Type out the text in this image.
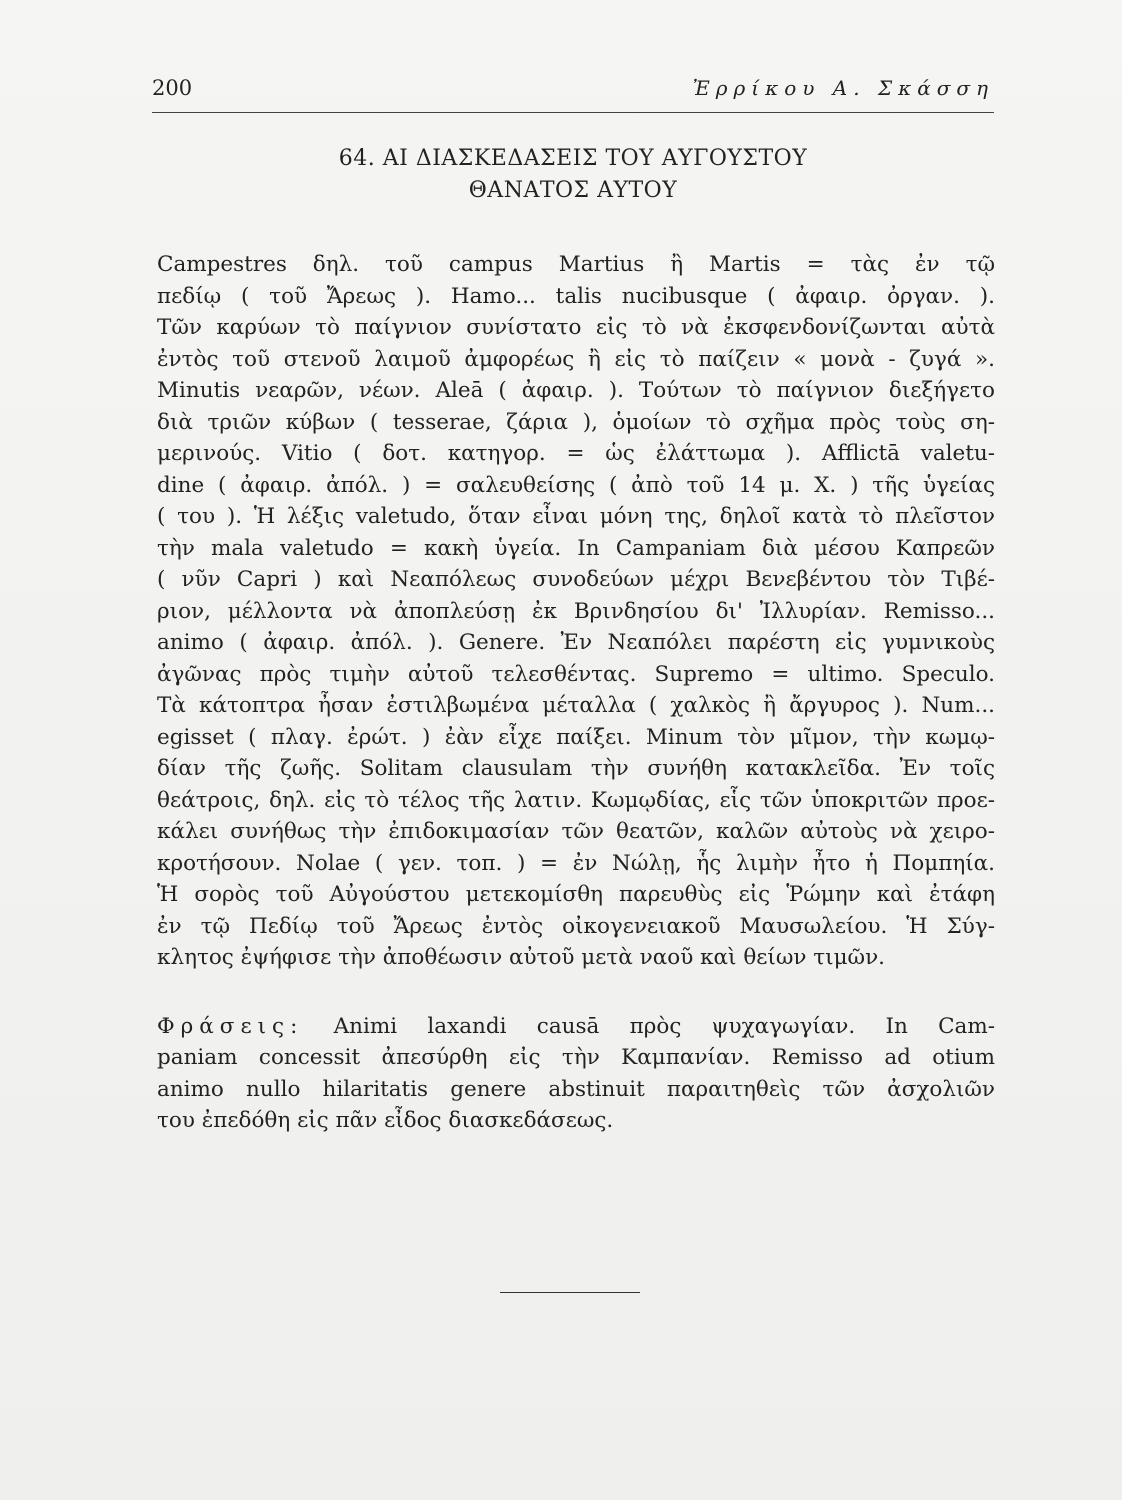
200	Ἐρρίκου Α. Σκάσση
64. ΑΙ ΔΙΑΣΚΕΔΑΣΕΙΣ ΤΟΥ ΑΥΓΟΥΣΤΟΥ
ΘΑΝΑΤΟΣ ΑΥΤΟΥ
Campestres δηλ. τοῦ campus Martius ἢ Martis = τὰς ἐν τῷ
πεδίῳ ( τοῦ Ἄρεως ). Hamo... talis nucibusque ( ἀφαιρ. ὀργαν. ).
Τῶν καρύων τὸ παίγνιον συνίστατο εἰς τὸ νὰ ἐκσφενδονίζωνται αὐτὰ
ἐντὸς τοῦ στενοῦ λαιμοῦ ἀμφορέως ἢ εἰς τὸ παίζειν « μονὰ - ζυγά ».
Minutis νεαρῶν, νέων. Aleā ( ἀφαιρ. ). Τούτων τὸ παίγνιον διεξήγετο
διὰ τριῶν κύβων ( tesserae, ζάρια ), ὁμοίων τὸ σχῆμα πρὸς τοὺς ση-
μερινούς. Vitio ( δοτ. κατηγορ. = ὡς ἐλάττωμα ). Afflictā valetu-
dine ( ἀφαιρ. ἀπόλ. ) = σαλευθείσης ( ἀπὸ τοῦ 14 μ. Χ. ) τῆς ὑγείας
( του ). Ἡ λέξις valetudo, ὅταν εἶναι μόνη της, δηλοῖ κατὰ τὸ πλεῖστον
τὴν mala valetudo = κακὴ ὑγεία. In Campaniam διὰ μέσου Καπρεῶν
( νῦν Capri ) καὶ Νεαπόλεως συνοδεύων μέχρι Βενεβέντου τὸν Τιβέ-
ριον, μέλλοντα νὰ ἀποπλεύσῃ ἐκ Βρινδησίου δι' Ἰλλυρίαν. Remisso...
animo ( ἀφαιρ. ἀπόλ. ). Genere. Ἐν Νεαπόλει παρέστη εἰς γυμνικοὺς
ἀγῶνας πρὸς τιμὴν αὐτοῦ τελεσθέντας. Supremo = ultimo. Speculo.
Τὰ κάτοπτρα ἦσαν ἐστιλβωμένα μέταλλα ( χαλκὸς ἢ ἄργυρος ). Num...
egisset ( πλαγ. ἐρώτ. ) ἐὰν εἶχε παίξει. Minum τὸν μῖμον, τὴν κωμῳ-
δίαν τῆς ζωῆς. Solitam clausulam τὴν συνήθη κατακλεῖδα. Ἐν τοῖς
θεάτροις, δηλ. εἰς τὸ τέλος τῆς λατιν. Κωμῳδίας, εἷς τῶν ὑποκριτῶν προε-
κάλει συνήθως τὴν ἐπιδοκιμασίαν τῶν θεατῶν, καλῶν αὐτοὺς νὰ χειρο-
κροτήσουν. Nolae ( γεν. τοπ. ) = ἐν Νώλῃ, ἧς λιμὴν ἦτο ἡ Πομπηία.
Ἡ σορὸς τοῦ Αὐγούστου μετεκομίσθη παρευθὺς εἰς Ῥώμην καὶ ἐτάφη
ἐν τῷ Πεδίῳ τοῦ Ἄρεως ἐντὸς οἰκογενειακοῦ Μαυσωλείου. Ἡ Σύγ-
κλητος ἐψήφισε τὴν ἀποθέωσιν αὐτοῦ μετὰ ναοῦ καὶ θείων τιμῶν.
Φράσεις: Animi laxandi causā πρὸς ψυχαγωγίαν. In Cam-
paniam concessit ἀπεσύρθη εἰς τὴν Καμπανίαν. Remisso ad otium
animo nullo hilaritatis genere abstinuit παραιτηθεὶς τῶν ἀσχολιῶν
του ἐπεδόθη εἰς πᾶν εἶδος διασκεδάσεως.
